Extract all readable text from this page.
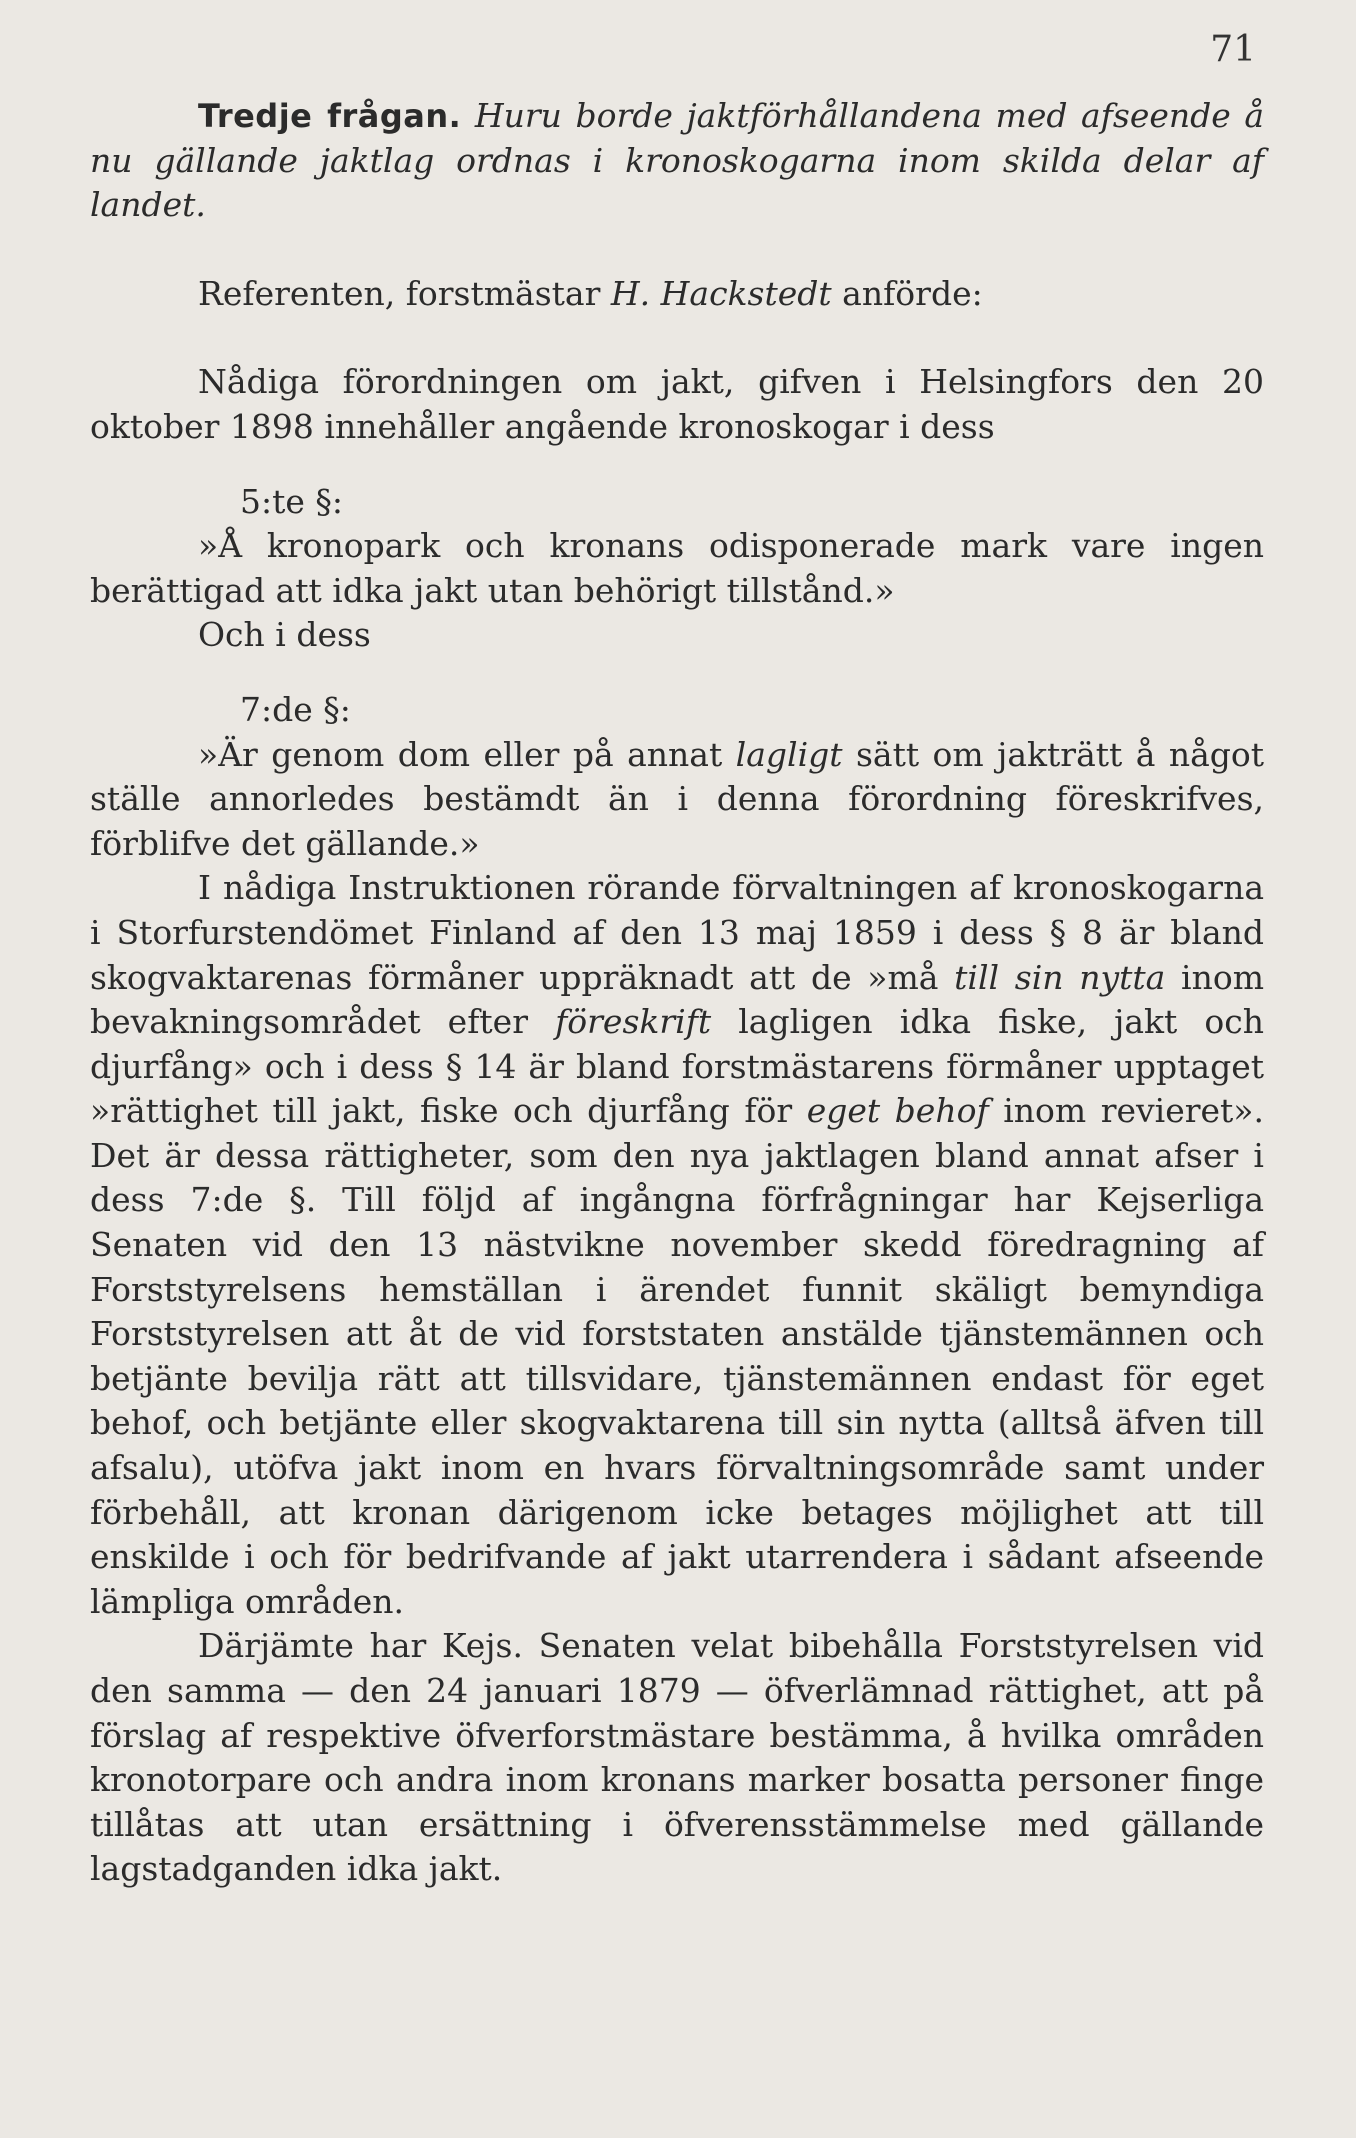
71

Tredje frågan. Huru borde jaktförhållandena med afseende å nu gällande jaktlag ordnas i kronoskogarna inom skilda delar af landet.

Referenten, forstmästar H. Hackstedt anförde:

Nådiga förordningen om jakt, gifven i Helsingfors den 20 oktober 1898 innehåller angående kronoskogar i dess

5:te §:

»Å kronopark och kronans odisponerade mark vare ingen berättigad att idka jakt utan behörigt tillstånd.»

Och i dess

7:de §:

»Är genom dom eller på annat lagligt sätt om jakträtt å något ställe annorledes bestämdt än i denna förordning föreskrifves, förblifve det gällande.»

I nådiga Instruktionen rörande förvaltningen af kronoskogarna i Storfurstendömet Finland af den 13 maj 1859 i dess § 8 är bland skogvaktarenas förmåner uppräknadt att de »må till sin nytta inom bevakningsområdet efter föreskrift lagligen idka fiske, jakt och djurfång» och i dess § 14 är bland forstmästarens förmåner upptaget »rättighet till jakt, fiske och djurfång för eget behof inom revieret». Det är dessa rättigheter, som den nya jaktlagen bland annat afser i dess 7:de §. Till följd af ingångna förfrågningar har Kejserliga Senaten vid den 13 nästvikne november skedd föredragning af Forststyrelsens hemställan i ärendet funnit skäligt bemyndiga Forststyrelsen att åt de vid forststaten anstälde tjänstemännen och betjänte bevilja rätt att tillsvidare, tjänstemännen endast för eget behof, och betjänte eller skogvaktarena till sin nytta (alltså äfven till afsalu), utöfva jakt inom en hvars förvaltningsområde samt under förbehåll, att kronan därigenom icke betages möjlighet att till enskilde i och för bedrifvande af jakt utarrendera i sådant afseende lämpliga områden.

Därjämte har Kejs. Senaten velat bibehålla Forststyrelsen vid den samma — den 24 januari 1879 — öfverlämnad rättighet, att på förslag af respektive öfverforstmästare bestämma, å hvilka områden kronotorpare och andra inom kronans marker bosatta personer finge tillåtas att utan ersättning i öfverensstämmelse med gällande lagstadganden idka jakt.
